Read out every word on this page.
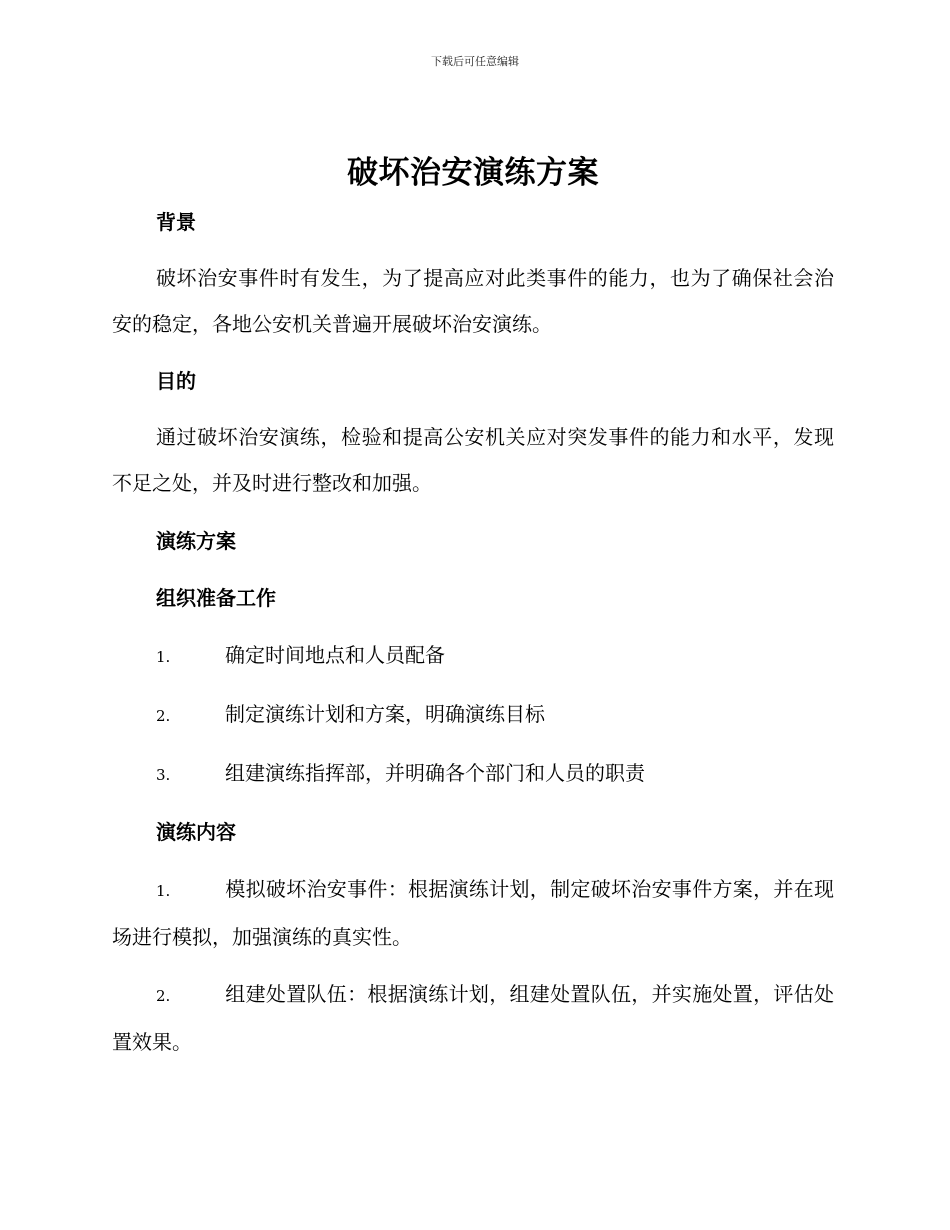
下载后可任意编辑
破坏治安演练方案
背景

破坏治安事件时有发生，为了提高应对此类事件的能力，也为了确保社会治安的稳定，各地公安机关普遍开展破坏治安演练。

目的

通过破坏治安演练，检验和提高公安机关应对突发事件的能力和水平，发现不足之处，并及时进行整改和加强。

演练方案
组织准备工作

1.	确定时间地点和人员配备

2.	制定演练计划和方案，明确演练目标

3.	组建演练指挥部，并明确各个部门和人员的职责

演练内容

1.	模拟破坏治安事件：根据演练计划，制定破坏治安事件方案，并在现场进行模拟，加强演练的真实性。

2.	组建处置队伍：根据演练计划，组建处置队伍，并实施处置，评估处置效果。
